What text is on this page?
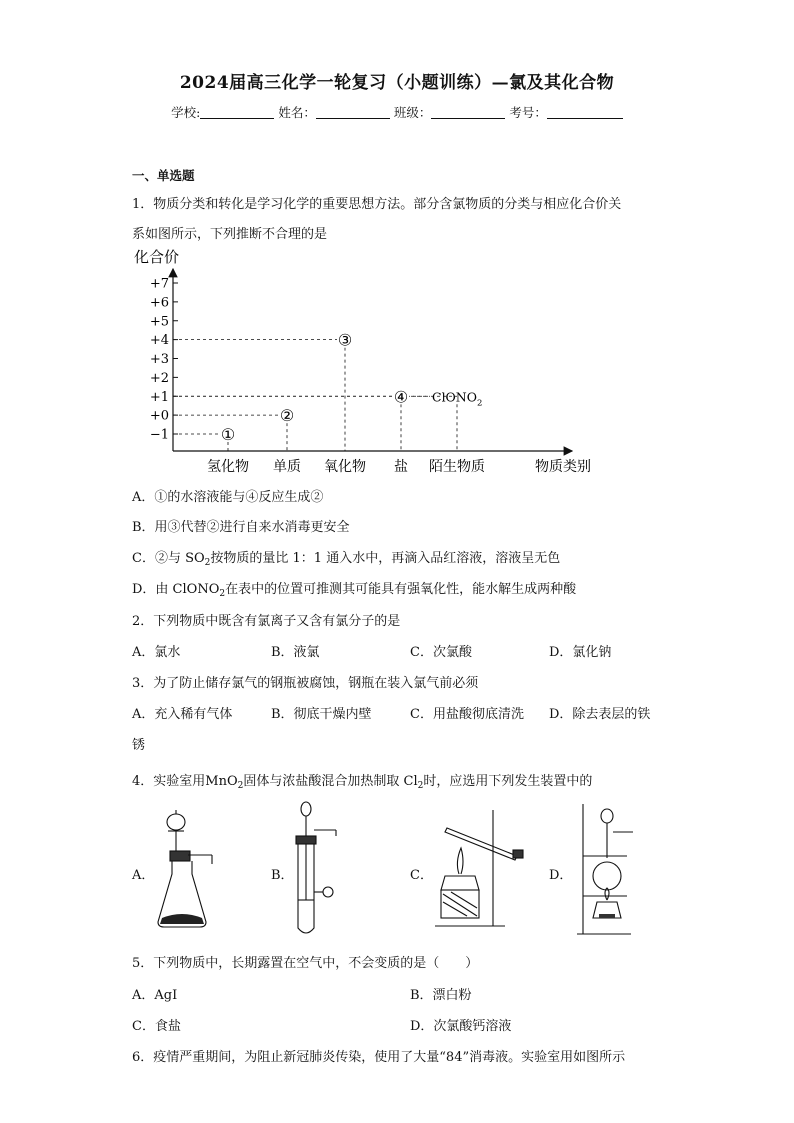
2024届高三化学一轮复习（小题训练）—氯及其化合物
学校:	姓名：	班级：	考号：
一、单选题
1．物质分类和转化是学习化学的重要思想方法。部分含氯物质的分类与相应化合价关
系如图所示，下列推断不合理的是
化合价
+7
+6
+5
+4
+3
+2
+1
+0
−1
氢化物 单质 氧化物 盐 陌生物质
①
②
③
④ ClONO$_2$
物质类别
A．①的水溶液能与④反应生成②
B．用③代替②进行自来水消毒更安全
C．②与 $SO_2$按物质的量比 1：1 通入水中，再滴入品红溶液，溶液呈无色
D．由 ClONO$_2$在表中的位置可推测其可能具有强氧化性，能水解生成两种酸
2．下列物质中既含有氯离子又含有氯分子的是
A．氯水	B．液氯	C．次氯酸	D．氯化钠
3．为了防止储存氯气的钢瓶被腐蚀，钢瓶在装入氯气前必须
A．充入稀有气体	B．彻底干燥内壁	C．用盐酸彻底清洗 D．除去表层的铁
锈
4．实验室用MnO$_2$固体与浓盐酸混合加热制取 $Cl_2$时，应选用下列发生装置中的
A．	B．	C．	D．
5．下列物质中，长期露置在空气中，不会变质的是（　　）
A．AgI	B．漂白粉
C．食盐	D．次氯酸钙溶液
6．疫情严重期间，为阻止新冠肺炎传染，使用了大量“84”消毒液。实验室用如图所示
